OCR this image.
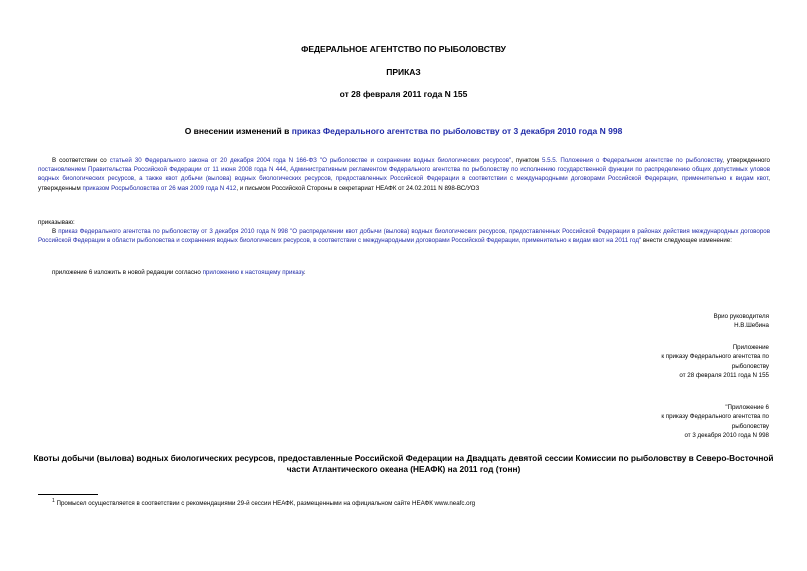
ФЕДЕРАЛЬНОЕ АГЕНТСТВО ПО РЫБОЛОВСТВУ
ПРИКАЗ
от 28 февраля 2011 года N 155
О внесении изменений в приказ Федерального агентства по рыболовству от 3 декабря 2010 года N 998
В соответствии со статьей 30 Федерального закона от 20 декабря 2004 года N 166-ФЗ "О рыболовстве и сохранении водных биологических ресурсов", пунктом 5.5.5. Положения о Федеральном агентстве по рыболовству, утвержденного постановлением Правительства Российской Федерации от 11 июня 2008 года N 444, Административным регламентом Федерального агентства по рыболовству по исполнению государственной функции по распределению общих допустимых уловов водных биологических ресурсов, а также квот добычи (вылова) водных биологических ресурсов, предоставленных Российской Федерации в соответствии с международными договорами Российской Федерации, применительно к видам квот, утвержденным приказом Росрыболовства от 26 мая 2009 года N 412, и письмом Российской Стороны в секретариат НЕАФК от 24.02.2011 N 898-ВС/УОЗ
приказываю:
В приказ Федерального агентства по рыболовству от 3 декабря 2010 года N 998 "О распределении квот добычи (вылова) водных биологических ресурсов, предоставленных Российской Федерации в районах действия международных договоров Российской Федерации в области рыболовства и сохранения водных биологических ресурсов, в соответствии с международными договорами Российской Федерации, применительно к видам квот на 2011 год" внести следующее изменение:
приложение 6 изложить в новой редакции согласно приложению к настоящему приказу.
Врио руководителя
Н.В.Шебина
Приложение
к приказу Федерального агентства по
рыболовству
от 28 февраля 2011 года N 155
"Приложение 6
к приказу Федерального агентства по
рыболовству
от 3 декабря 2010 года N 998
Квоты добычи (вылова) водных биологических ресурсов, предоставленные Российской Федерации на Двадцать девятой сессии Комиссии по рыболовству в Северо-Восточной части Атлантического океана (НЕАФК) на 2011 год (тонн)
$^1$ Промысел осуществляется в соответствии с рекомендациями 29-й сессии НЕАФК, размещенными на официальном сайте НЕАФК www.neafc.org
